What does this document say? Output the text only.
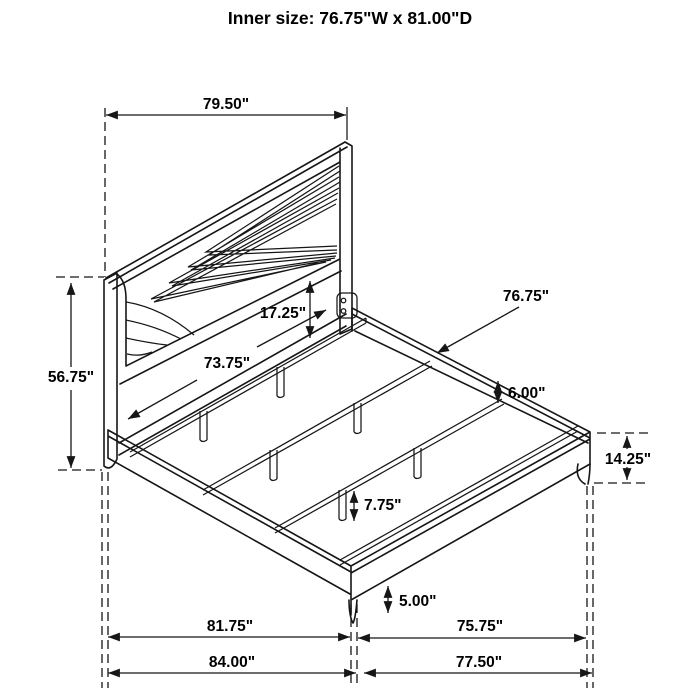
Inner size: 76.75"W x 81.00"D
79.50"
56.75"
17.25"
73.75"
76.75"
6.00"
14.25"
7.75"
5.00"
81.75"	75.75"
84.00"	77.50"
